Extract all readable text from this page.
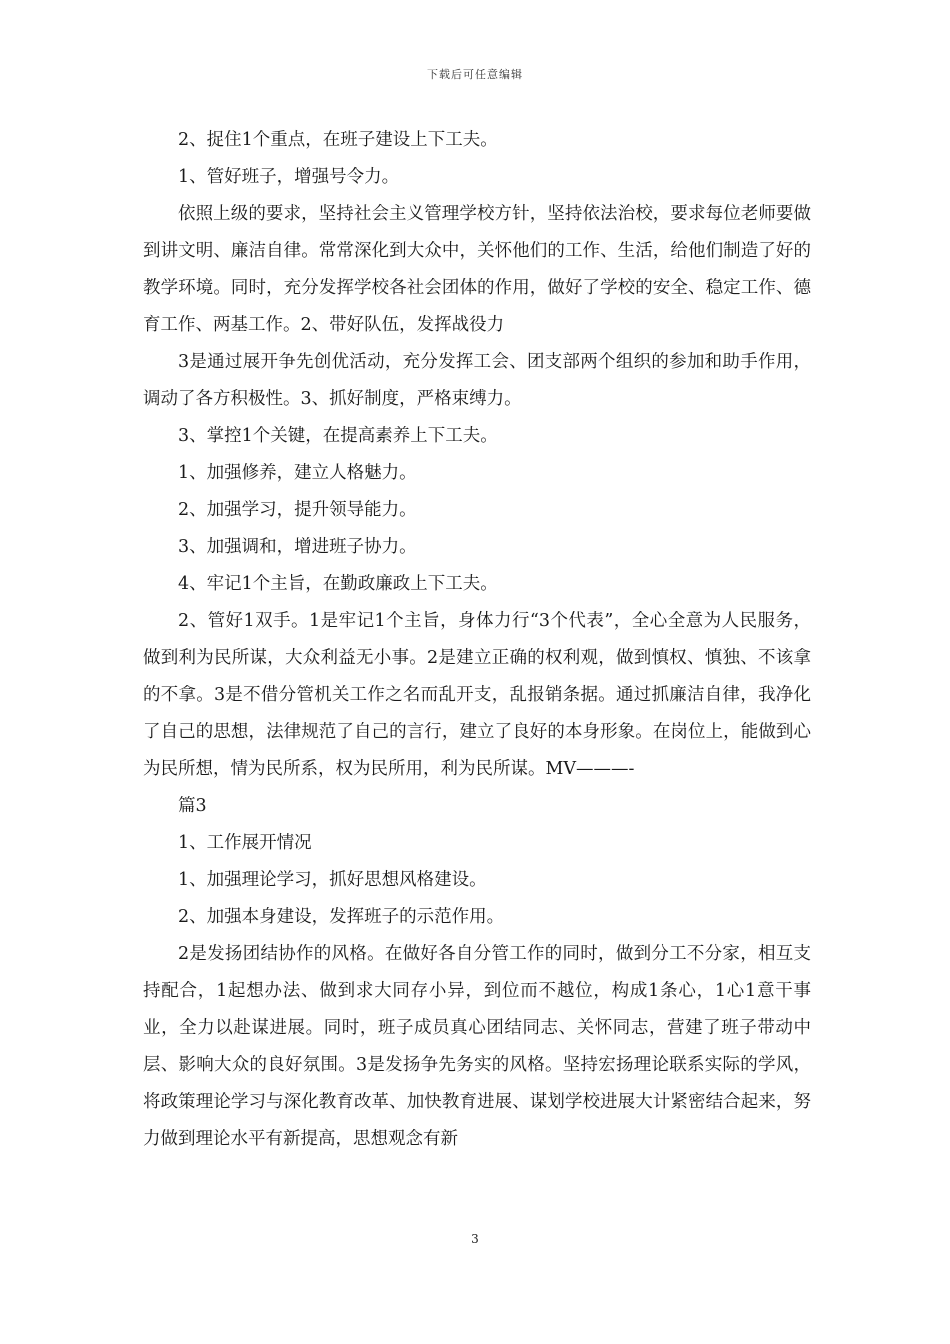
下载后可任意编辑

2、捉住1个重点，在班子建设上下工夫。

1、管好班子，增强号令力。

依照上级的要求，坚持社会主义管理学校方针，坚持依法治校，要求每位老师要做到讲文明、廉洁自律。常常深化到大众中，关怀他们的工作、生活，给他们制造了好的教学环境。同时，充分发挥学校各社会团体的作用，做好了学校的安全、稳定工作、德育工作、两基工作。2、带好队伍，发挥战役力

3是通过展开争先创优活动，充分发挥工会、团支部两个组织的参加和助手作用，调动了各方积极性。3、抓好制度，严格束缚力。

3、掌控1个关键，在提高素养上下工夫。

1、加强修养，建立人格魅力。

2、加强学习，提升领导能力。

3、加强调和，增进班子协力。

4、牢记1个主旨，在勤政廉政上下工夫。

2、管好1双手。1是牢记1个主旨，身体力行“3个代表”，全心全意为人民服务，做到利为民所谋，大众利益无小事。2是建立正确的权利观，做到慎权、慎独、不该拿的不拿。3是不借分管机关工作之名而乱开支，乱报销条据。通过抓廉洁自律，我净化了自己的思想，法律规范了自己的言行，建立了良好的本身形象。在岗位上，能做到心为民所想，情为民所系，权为民所用，利为民所谋。MV———-

篇3

1、工作展开情况

1、加强理论学习，抓好思想风格建设。

2、加强本身建设，发挥班子的示范作用。

2是发扬团结协作的风格。在做好各自分管工作的同时，做到分工不分家，相互支持配合，1起想办法、做到求大同存小异，到位而不越位，构成1条心，1心1意干事业，全力以赴谋进展。同时，班子成员真心团结同志、关怀同志，营建了班子带动中层、影响大众的良好氛围。3是发扬争先务实的风格。坚持宏扬理论联系实际的学风，将政策理论学习与深化教育改革、加快教育进展、谋划学校进展大计紧密结合起来，努力做到理论水平有新提高，思想观念有新

3
